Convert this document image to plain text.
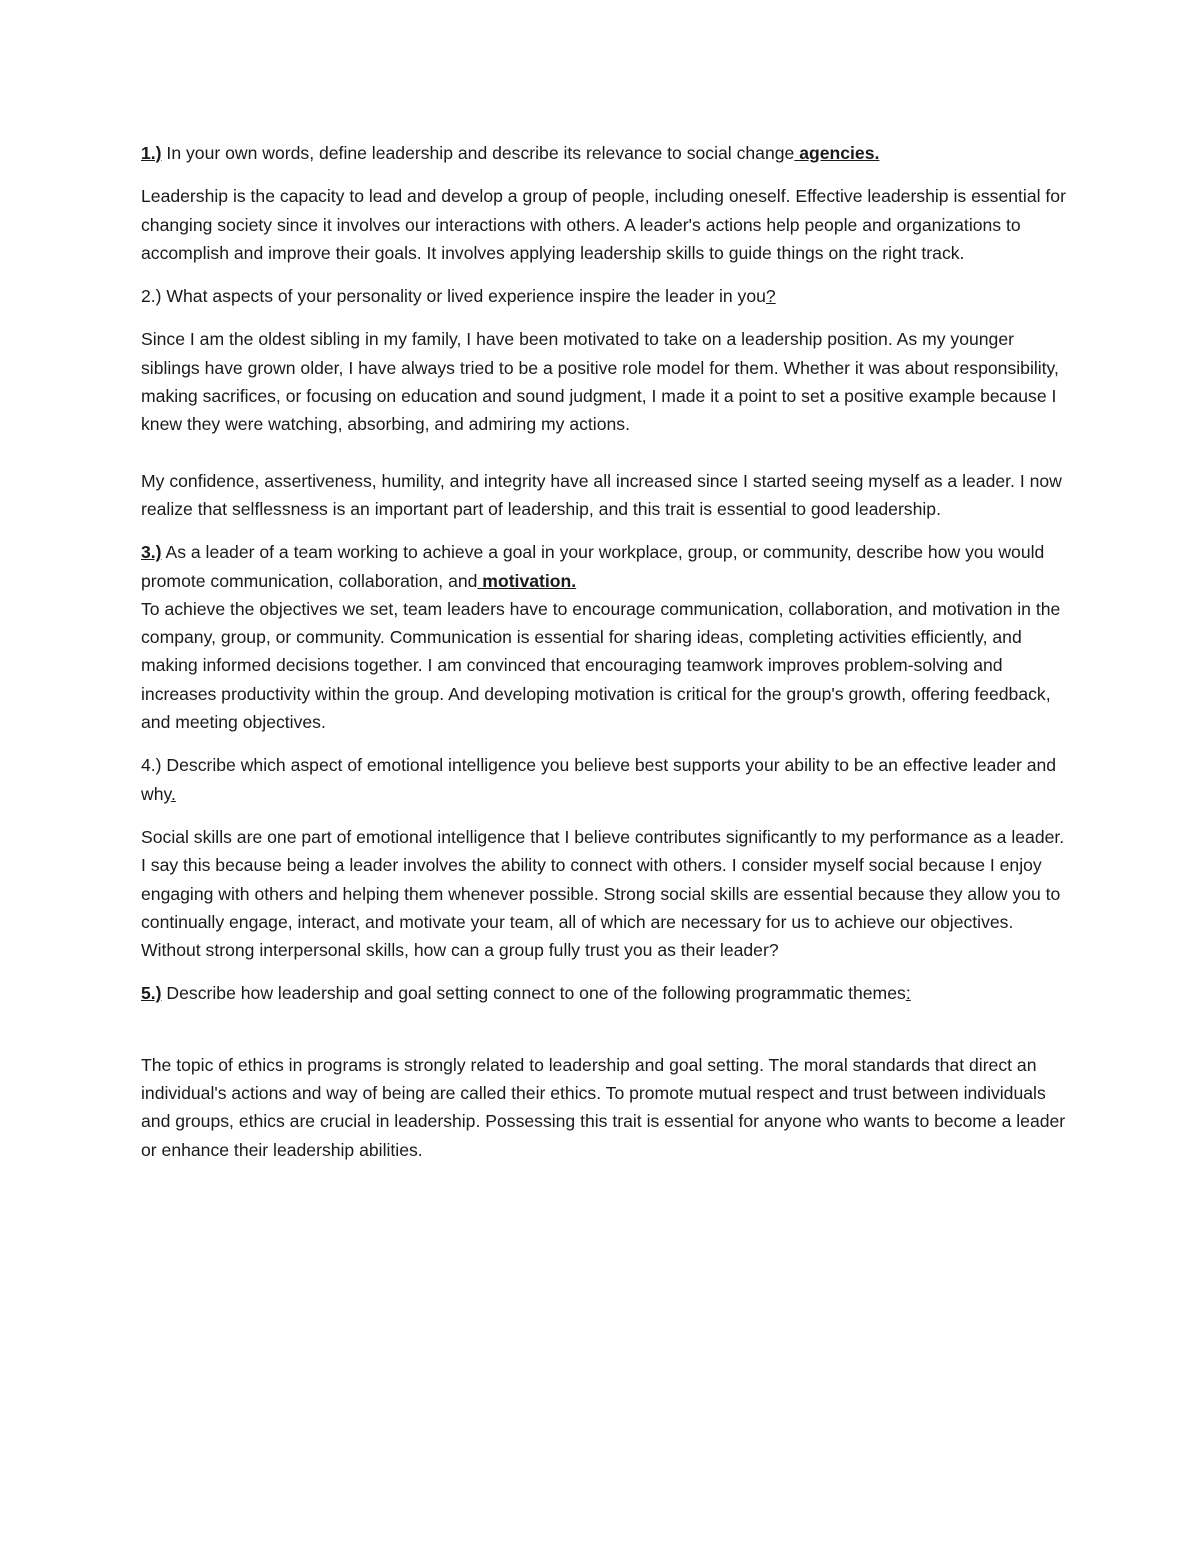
1.) In your own words, define leadership and describe its relevance to social change agencies.

Leadership is the capacity to lead and develop a group of people, including oneself. Effective leadership is essential for changing society since it involves our interactions with others. A leader's actions help people and organizations to accomplish and improve their goals. It involves applying leadership skills to guide things on the right track.

2.) What aspects of your personality or lived experience inspire the leader in you?

Since I am the oldest sibling in my family, I have been motivated to take on a leadership position. As my younger siblings have grown older, I have always tried to be a positive role model for them. Whether it was about responsibility, making sacrifices, or focusing on education and sound judgment, I made it a point to set a positive example because I knew they were watching, absorbing, and admiring my actions.

My confidence, assertiveness, humility, and integrity have all increased since I started seeing myself as a leader. I now realize that selflessness is an important part of leadership, and this trait is essential to good leadership.

3.) As a leader of a team working to achieve a goal in your workplace, group, or community, describe how you would promote communication, collaboration, and motivation.

To achieve the objectives we set, team leaders have to encourage communication, collaboration, and motivation in the company, group, or community. Communication is essential for sharing ideas, completing activities efficiently, and making informed decisions together. I am convinced that encouraging teamwork improves problem-solving and increases productivity within the group. And developing motivation is critical for the group's growth, offering feedback, and meeting objectives.

4.) Describe which aspect of emotional intelligence you believe best supports your ability to be an effective leader and why.

Social skills are one part of emotional intelligence that I believe contributes significantly to my performance as a leader. I say this because being a leader involves the ability to connect with others. I consider myself social because I enjoy engaging with others and helping them whenever possible. Strong social skills are essential because they allow you to continually engage, interact, and motivate your team, all of which are necessary for us to achieve our objectives. Without strong interpersonal skills, how can a group fully trust you as their leader?

5.) Describe how leadership and goal setting connect to one of the following programmatic themes:

The topic of ethics in programs is strongly related to leadership and goal setting. The moral standards that direct an individual's actions and way of being are called their ethics. To promote mutual respect and trust between individuals and groups, ethics are crucial in leadership. Possessing this trait is essential for anyone who wants to become a leader or enhance their leadership abilities.
